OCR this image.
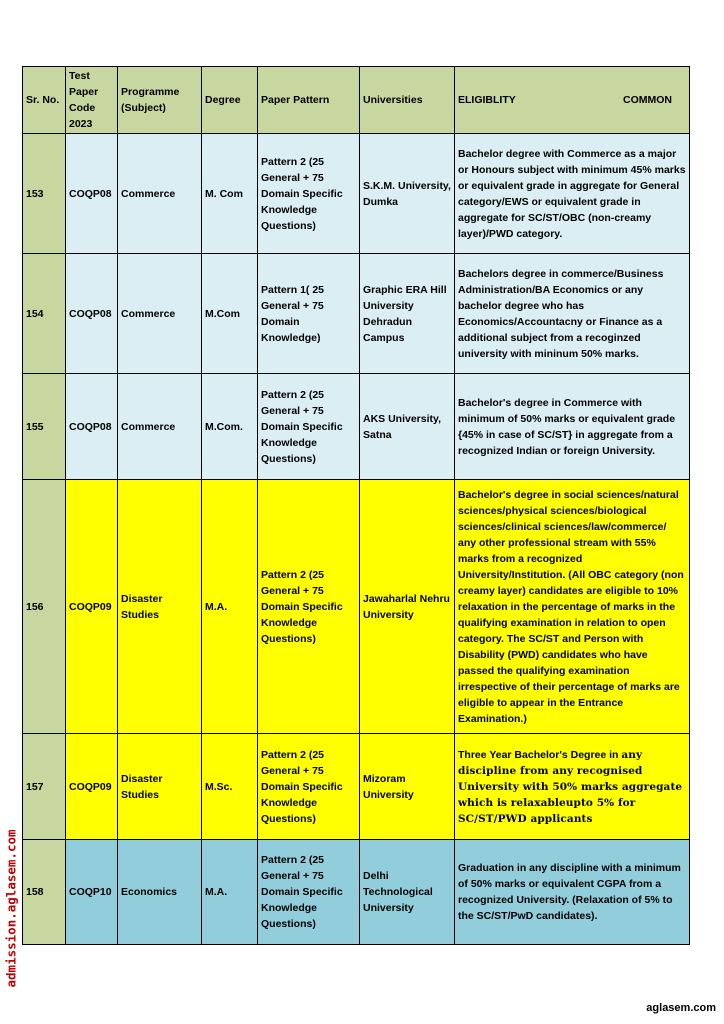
Sr. No.	Test Paper Code 2023	Programme (Subject)	Degree	Paper Pattern	Universities	ELIGIBLITY COMMON

153	COQP08	Commerce	M. Com	Pattern 2 (25 General + 75 Domain Specific Knowledge Questions)	S.K.M. University, Dumka	Bachelor degree with Commerce as a major or Honours subject with minimum 45% marks or equivalent grade in aggregate for General category/EWS or equivalent grade in aggregate for SC/ST/OBC (non-creamy layer)/PWD category.
154	COQP08	Commerce	M.Com	Pattern 1( 25 General + 75 Domain Knowledge)	Graphic ERA Hill University Dehradun Campus	Bachelors degree in commerce/Business Administration/BA Economics or any bachelor degree who has Economics/Accountacny or Finance as a additional subject from a recoginzed university with mininum 50% marks.
155	COQP08	Commerce	M.Com.	Pattern 2 (25 General + 75 Domain Specific Knowledge Questions)	AKS University, Satna	Bachelor's degree in Commerce with minimum of 50% marks or equivalent grade {45% in case of SC/ST} in aggregate from a recognized Indian or foreign University.
156	COQP09	Disaster Studies	M.A.	Pattern 2 (25 General + 75 Domain Specific Knowledge Questions)	Jawaharlal Nehru University	Bachelor's degree in social sciences/natural sciences/physical sciences/biological sciences/clinical sciences/law/commerce/ any other professional stream with 55% marks from a recognized University/Institution. (All OBC category (non creamy layer) candidates are eligible to 10% relaxation in the percentage of marks in the qualifying examination in relation to open category. The SC/ST and Person with Disability (PWD) candidates who have passed the qualifying examination irrespective of their percentage of marks are eligible to appear in the Entrance Examination.)
157	COQP09	Disaster Studies	M.Sc.	Pattern 2 (25 General + 75 Domain Specific Knowledge Questions)	Mizoram University	Three Year Bachelor's Degree in any discipline from any recognised University with 50% marks aggregate which is relaxableupto 5% for SC/ST/PWD applicants
158	COQP10	Economics	M.A.	Pattern 2 (25 General + 75 Domain Specific Knowledge Questions)	Delhi Technological University	Graduation in any discipline with a minimum of 50% marks or equivalent CGPA from a recognized University. (Relaxation of 5% to the SC/ST/PwD candidates).
admission.aglasem.com
aglasem.com
